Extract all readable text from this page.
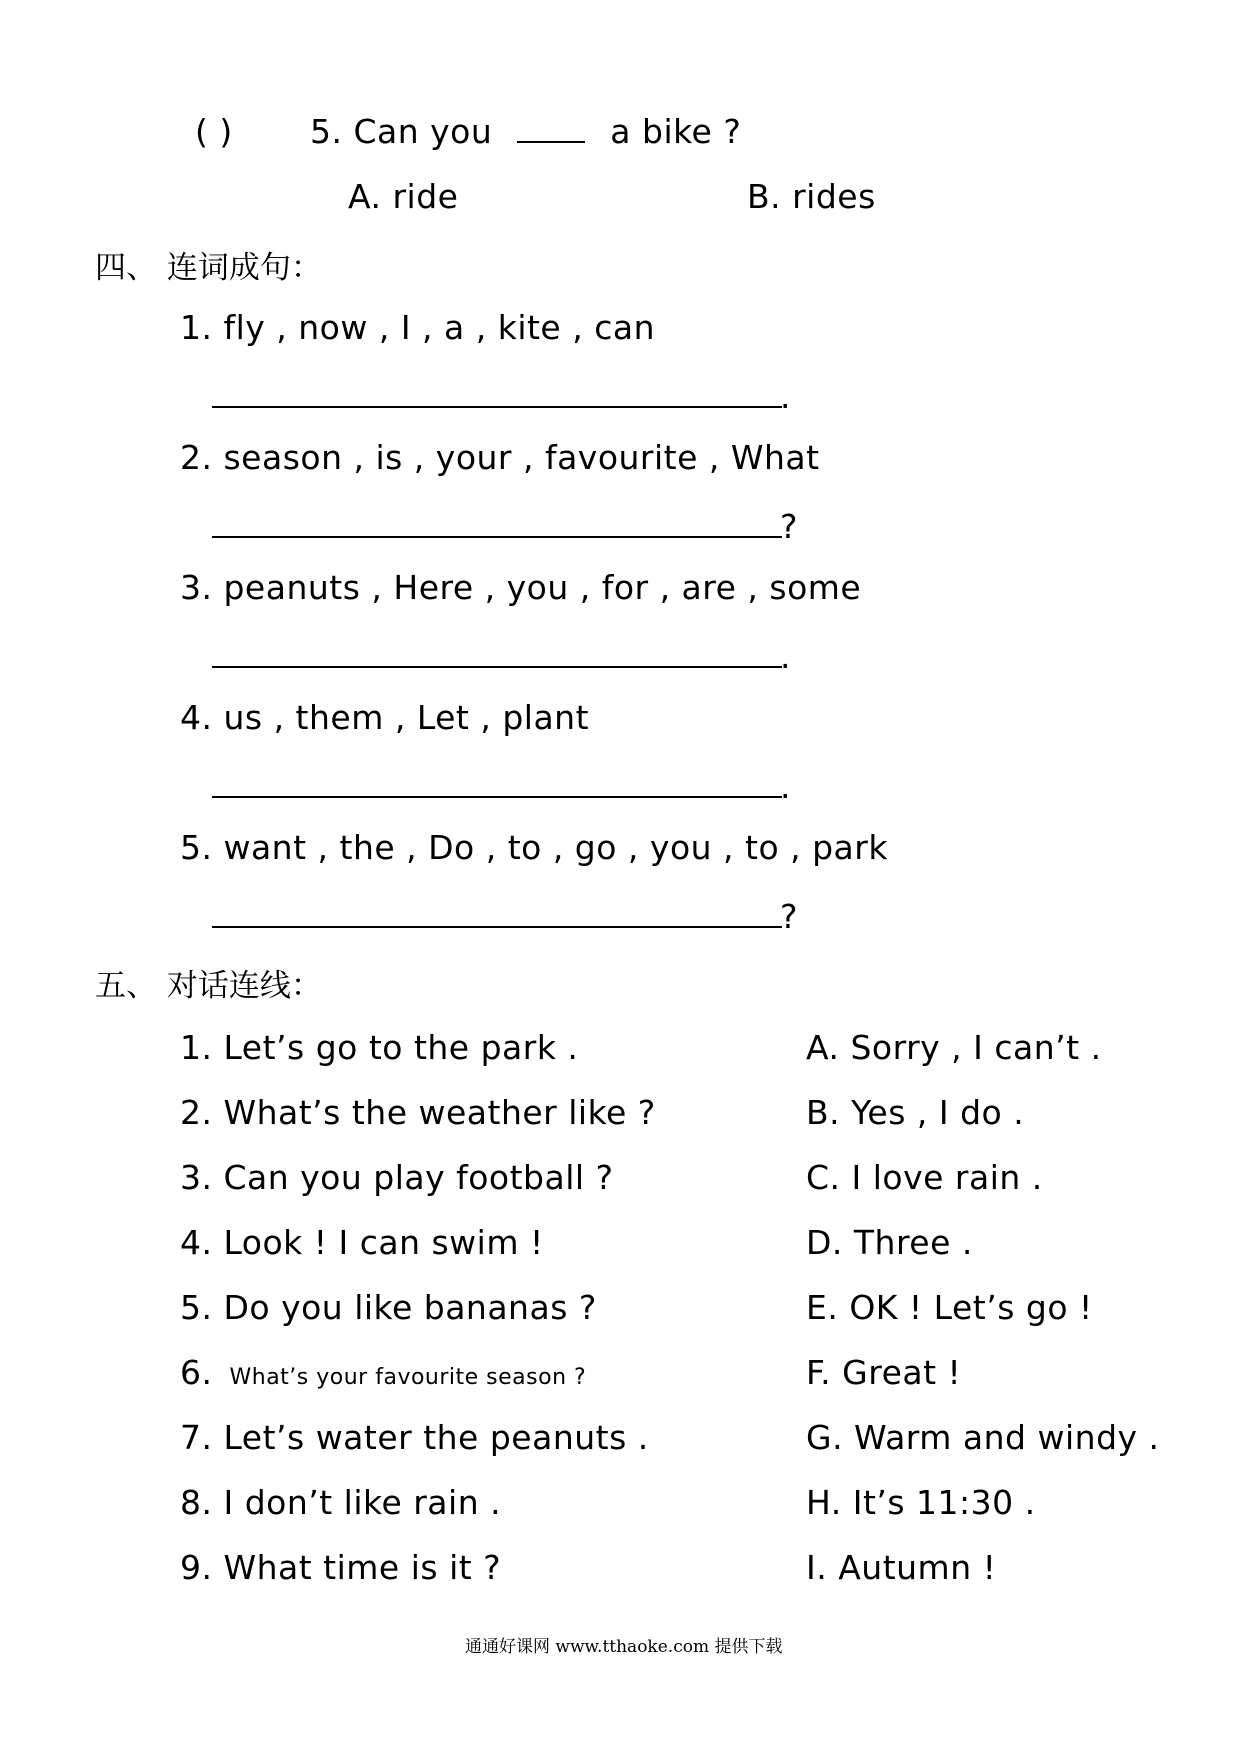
( ) 5. Can you	a bike ?
A. ride	B. rides
四、 连词成句：
1. fly , now , I , a , kite , can
.
2. season , is , your , favourite , What
?
3. peanuts , Here , you , for , are , some
.
4. us , them , Let , plant
.
5. want , the , Do , to , go , you , to , park
?
五、 对话连线：
1. Let’s go to the park .
2. What’s the weather like ?
3. Can you play football ?
4. Look ! I can swim !
5. Do you like bananas ?
6. What’s your favourite season ?
7. Let’s water the peanuts .
8. I don’t like rain .
9. What time is it ?
A. Sorry , I can’t .
B. Yes , I do .
C. I love rain .
D. Three .
E. OK ! Let’s go !
F. Great !
G. Warm and windy .
H. It’s 11:30 .
I. Autumn !
通通好课网 www.tthaoke.com 提供下载
